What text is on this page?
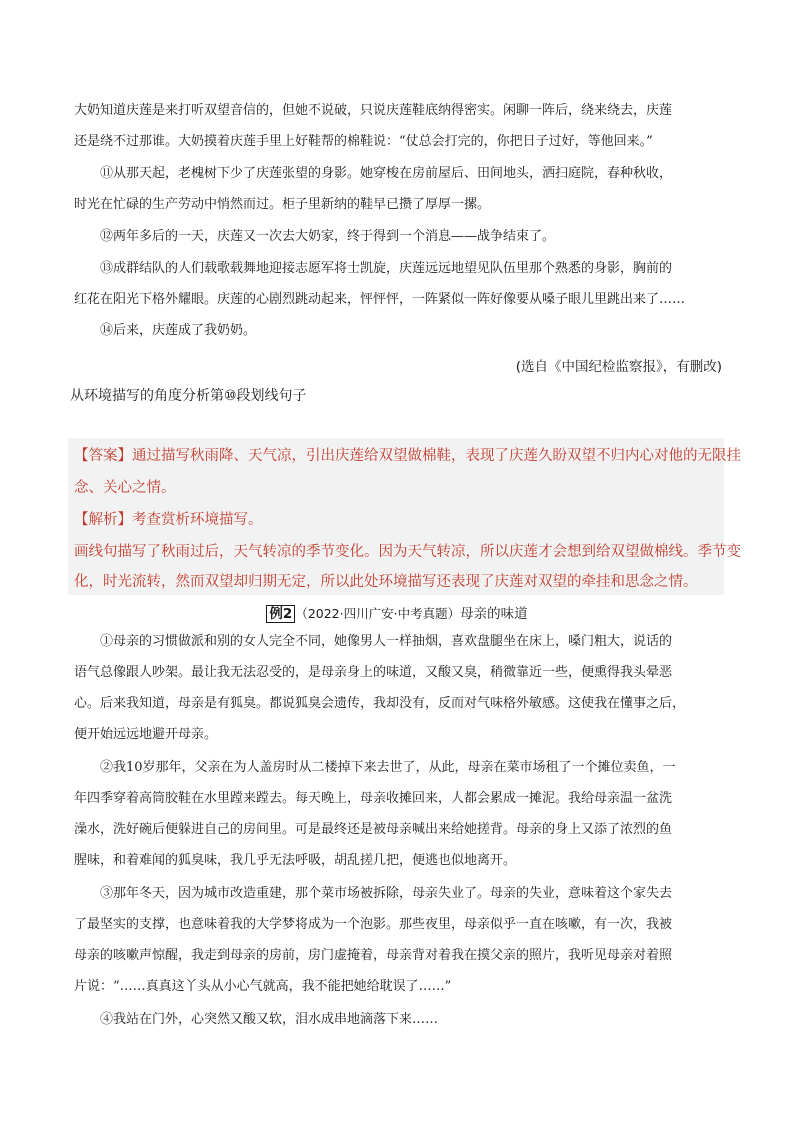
大奶知道庆莲是来打听双望音信的，但她不说破，只说庆莲鞋底纳得密实。闲聊一阵后，绕来绕去，庆莲
还是绕不过那谁。大奶摸着庆莲手里上好鞋帮的棉鞋说：“仗总会打完的，你把日子过好，等他回来。”
⑪从那天起，老槐树下少了庆莲张望的身影。她穿梭在房前屋后、田间地头，洒扫庭院，春种秋收，
时光在忙碌的生产劳动中悄然而过。柜子里新纳的鞋早已攒了厚厚一摞。
⑫两年多后的一天，庆莲又一次去大奶家，终于得到一个消息——战争结束了。
⑬成群结队的人们载歌载舞地迎接志愿军将士凯旋，庆莲远远地望见队伍里那个熟悉的身影，胸前的
红花在阳光下格外耀眼。庆莲的心剧烈跳动起来，怦怦怦，一阵紧似一阵好像要从嗓子眼儿里跳出来了……
⑭后来，庆莲成了我奶奶。
(选自《中国纪检监察报》，有删改)
从环境描写的角度分析第⑩段划线句子
【答案】通过描写秋雨降、天气凉，引出庆莲给双望做棉鞋，表现了庆莲久盼双望不归内心对他的无限挂
念、关心之情。
【解析】考查赏析环境描写。
画线句描写了秋雨过后，天气转凉的季节变化。因为天气转凉，所以庆莲才会想到给双望做棉线。季节变
化，时光流转，然而双望却归期无定，所以此处环境描写还表现了庆莲对双望的牵挂和思念之情。
例2 （2022·四川广安·中考真题）母亲的味道
①母亲的习惯做派和别的女人完全不同，她像男人一样抽烟，喜欢盘腿坐在床上，嗓门粗大，说话的
语气总像跟人吵架。最让我无法忍受的，是母亲身上的味道，又酸又臭，稍微靠近一些，便熏得我头晕恶
心。后来我知道，母亲是有狐臭。都说狐臭会遗传，我却没有，反而对气味格外敏感。这使我在懂事之后，
便开始远远地避开母亲。
②我10岁那年，父亲在为人盖房时从二楼掉下来去世了，从此，母亲在菜市场租了一个摊位卖鱼，一
年四季穿着高筒胶鞋在水里蹚来蹚去。每天晚上，母亲收摊回来，人都会累成一摊泥。我给母亲温一盆洗
澡水，洗好碗后便躲进自己的房间里。可是最终还是被母亲喊出来给她搓背。母亲的身上又添了浓烈的鱼
腥味，和着难闻的狐臭味，我几乎无法呼吸，胡乱搓几把，便逃也似地离开。
③那年冬天，因为城市改造重建，那个菜市场被拆除，母亲失业了。母亲的失业，意味着这个家失去
了最坚实的支撑，也意味着我的大学梦将成为一个泡影。那些夜里，母亲似乎一直在咳嗽，有一次，我被
母亲的咳嗽声惊醒，我走到母亲的房前，房门虚掩着，母亲背对着我在摸父亲的照片，我听见母亲对着照
片说：“……真真这丫头从小心气就高，我不能把她给耽误了……”
④我站在门外，心突然又酸又软，泪水成串地滴落下来……
